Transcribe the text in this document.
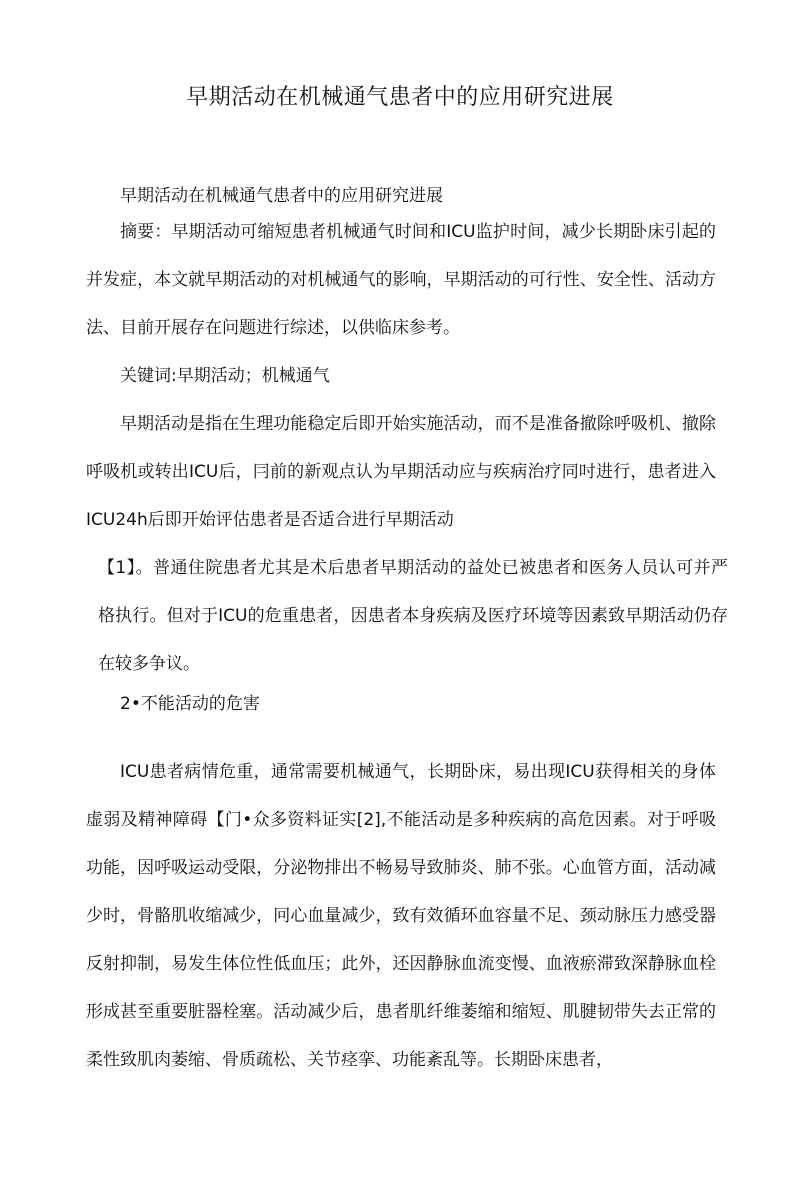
早期活动在机械通气患者中的应用研究进展

早期活动在机械通气患者中的应用研究进展

摘要：早期活动可缩短患者机械通气时间和ICU监护时间，减少长期卧床引起的并发症，本文就早期活动的对机械通气的影响，早期活动的可行性、安全性、活动方法、目前开展存在问题进行综述，以供临床参考。

关键词:早期活动；机械通气

早期活动是指在生理功能稳定后即开始实施活动，而不是准备撤除呼吸机、撤除呼吸机或转出ICU后，冃前的新观点认为早期活动应与疾病治疗同吋进行，患者进入ICU24h后即开始评估患者是否适合进行早期活动

【1】。普通住院患者尤其是术后患者早期活动的益处已被患者和医务人员认可并严格执行。但对于ICU的危重患者，因患者本身疾病及医疗环境等因素致早期活动仍存在较多争议。

2•不能活动的危害

ICU患者病情危重，通常需要机械通气，长期卧床，易出现ICU获得相关的身体虚弱及精神障碍【门•众多资料证实[2],不能活动是多种疾病的高危因素。对于呼吸功能，因呼吸运动受限，分泌物排出不畅易导致肺炎、肺不张。心血管方面，活动减少时，骨骼肌收缩减少，冋心血量减少，致有效循环血容量不足、颈动脉压力感受器反射抑制，易发生体位性低血压；此外，还因静脉血流变慢、血液瘀滞致深静脉血栓形成甚至重要脏器栓塞。活动减少后，患者肌纤维萎缩和缩短、肌腱韧带失去正常的柔性致肌肉萎缩、骨质疏松、关节痉挛、功能紊乱等。长期卧床患者，
